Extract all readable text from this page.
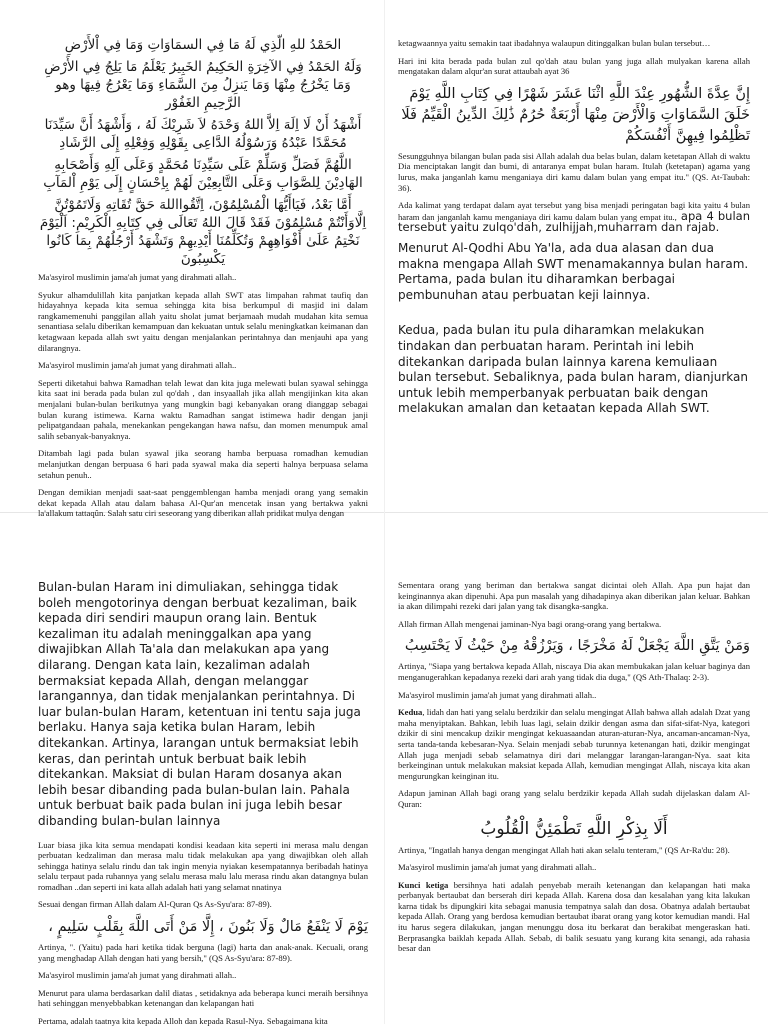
الحَمْدُ للهِ الّذِي لَهُ مَا فِي السمَاوَاتِ وَمَا فِي اْلأَرْضِ

وَلَهُ الحَمْدُ فِي الآخِرَةِ الحَكِيمُ الخَبِيرُ يَعْلَمُ مَا يَلِجُ فِي الأَرْضِ وَمَا يَخْرُجُ مِنْهَا وَمَا يَنزِلُ مِنَ السَّمَاءِ وَمَا يَعْرُجُ فِيهَا وهو الرَّحِيمِ الغَفُوْر

أَشْهَدُ أَنْ لَا اِلَهَ اِلاَّ اللهُ وَحْدَهُ لاَ شَرِيْكَ لَهُ ، وَأَشْهَدُ أَنَّ سَيِّدَنَا مُحَمَّدًا عَبْدُهُ وَرَسُوْلُهُ الدَّاعِى بِقَوْلِهِ وَفِعْلِهِ إِلَى الرَّشَادِ

اللَّهُمَّ فَصَلِّ وَسَلِّمْ عَلَى سَيِّدِنَا مُحَمَّدٍ وَعَلَى آلِهِ وَأَصْحَابِهِ الهَادِيْنَ لِلصَّوَابِ وَعَلَى التَّابِعِيْنَ لَهُمْ بِاِحْسَانٍ إِلَى يَوْمِ اْلمَآبِ

أَمَّا بَعْدُ، فَيَاأَيُّهَا الْمُسْلِمُوْنَ، اِتَّقُوااللهَ حَقَّ تُقَاتِهِ وَلَاتَمُوْتُنَّ اِلَّاوَأَنْتُمْ مُسْلِمُوْنَ فَقَدْ قَالَ اللهُ تَعَالَى فِي كِتَابِهِ الْكَرِيْمِ: اَلْيَوْمَ نَخْتِمُ عَلَىٰ أَفْوَاهِهِمْ وَتُكَلِّمُنَا أَيْدِيهِمْ وَتَشْهَدُ أَرْجُلُهُمْ بِمَا كَانُوا يَكْسِبُونَ

Ma'asyirol muslimin jama'ah jumat yang dirahmati allah..

Syukur alhamdulillah kita panjatkan kepada allah SWT atas limpahan rahmat taufiq dan hidayahnya kepada kita semua sehingga kita bisa berkumpul di masjid ini dalam rangkamemenuhi panggilan allah yaitu sholat jumat berjamaah mudah mudahan kita semua senantiasa selalu diberikan kemampuan dan kekuatan untuk selalu meningkatkan keimanan dan ketagwaan kepada allah swt yaitu dengan menjalankan perintahnya dan menjauhi apa yang dilarangnya.

Ma'asyirol muslimin jama'ah jumat yang dirahmati allah..

Seperti diketahui bahwa Ramadhan telah lewat dan kita juga melewati bulan syawal sehingga kita saat ini berada pada bulan zul qo'dah , dan insyaallah jika allah mengijinkan kita akan menjalani bulan-bulan berikutnya yang mungkin bagi kebanyakan orang dianggap sebagai bulan kurang istimewa. Karna waktu Ramadhan sangat istimewa hadir dengan janji pelipatgandaan pahala, menekankan pengekangan hawa nafsu, dan momen menumpuk amal salih sebanyak-banyaknya.

Ditambah lagi pada bulan syawal jika seorang hamba berpuasa romadhan kemudian melanjutkan dengan berpuasa 6 hari pada syawal maka dia seperti halnya berpuasa selama setahun penuh..

Dengan demikian menjadi saat-saat penggemblengan hamba menjadi orang yang semakin dekat kepada Allah atau dalam bahasa Al-Qur'an mencetak insan yang bertakwa yakni la'allakum tattaqûn. Salah satu ciri seseorang yang diberikan allah pridikat mulya dengan

ketagwaannya yaitu semakin taat ibadahnya walaupun ditinggalkan bulan bulan tersebut…

Hari ini kita berada pada bulan zul qo'dah atau bulan yang juga allah mulyakan karena allah mengatakan dalam alqur'an surat attaubah ayat 36

إِنَّ عِدَّةَ الشُّهُورِ عِنْدَ اللَّهِ اثْنَا عَشَرَ شَهْرًا فِي كِتَابِ اللَّهِ يَوْمَ خَلَقَ السَّمَاوَاتِ وَالْأَرْضَ مِنْهَا أَرْبَعَةٌ حُرُمٌ ذَٰلِكَ الدِّينُ الْقَيِّمُ فَلَا تَظْلِمُوا فِيهِنَّ أَنْفُسَكُمْ

Sesungguhnya bilangan bulan pada sisi Allah adalah dua belas bulan, dalam ketetapan Allah di waktu Dia menciptakan langit dan bumi, di antaranya empat bulan haram. Itulah (ketetapan) agama yang lurus, maka janganlah kamu menganiaya diri kamu dalam bulan yang empat itu." (QS. At-Taubah: 36).

Ada kalimat yang terdapat dalam ayat tersebut yang bisa menjadi peringatan bagi kita yaitu 4 bulan haram dan janganlah kamu menganiaya diri kamu dalam bulan yang empat itu., apa 4 bulan tersebut yaitu zulqo'dah, zulhijjah,muharram dan rajab.

Menurut Al-Qodhi Abu Ya'la, ada dua alasan dan dua makna mengapa Allah SWT menamakannya bulan haram. Pertama, pada bulan itu diharamkan berbagai pembunuhan atau perbuatan keji lainnya.

Kedua, pada bulan itu pula diharamkan melakukan tindakan dan perbuatan haram. Perintah ini lebih ditekankan daripada bulan lainnya karena kemuliaan bulan tersebut. Sebaliknya, pada bulan haram, dianjurkan untuk lebih memperbanyak perbuatan baik dengan melakukan amalan dan ketaatan kepada Allah SWT.

Bulan-bulan Haram ini dimuliakan, sehingga tidak boleh mengotorinya dengan berbuat kezaliman, baik kepada diri sendiri maupun orang lain. Bentuk kezaliman itu adalah meninggalkan apa yang diwajibkan Allah Ta'ala dan melakukan apa yang dilarang. Dengan kata lain, kezaliman adalah bermaksiat kepada Allah, dengan melanggar larangannya, dan tidak menjalankan perintahnya. Di luar bulan-bulan Haram, ketentuan ini tentu saja juga berlaku. Hanya saja ketika bulan Haram, lebih ditekankan. Artinya, larangan untuk bermaksiat lebih keras, dan perintah untuk berbuat baik lebih ditekankan. Maksiat di bulan Haram dosanya akan lebih besar dibanding pada bulan-bulan lain. Pahala untuk berbuat baik pada bulan ini juga lebih besar dibanding bulan-bulan lainnya

Luar biasa jika kita semua mendapati kondisi keadaan kita seperti ini merasa malu dengan perbuatan kedzaliman dan merasa malu tidak melakukan apa yang diwajibkan oleh allah sehingga hatinya selalu rindu dan tak ingin menyia nyiakan kesempatannya beribadah hatinya selalu terpaut pada ruhannya yang selalu merasa malu lalu merasa rindu akan datangnya bulan romadhan ..dan seperti ini kata allah adalah hati yang selamat nnatinya

Sesuai dengan firman Allah dalam Al-Quran Qs As-Syu'ara: 87-89).

يَوْمَ لَا يَنْفَعُ مَالٌ وَلَا بَنُونَ ، إِلَّا مَنْ أَتَى اللَّهَ بِقَلْبٍ سَلِيمٍ ،

Artinya, ". (Yaitu) pada hari ketika tidak berguna (lagi) harta dan anak-anak. Kecuali, orang yang menghadap Allah dengan hati yang bersih," (QS As-Syu'ara: 87-89).

Ma'asyirol muslimin jama'ah jumat yang dirahmati allah..

Menurut para ulama berdasarkan dalil diatas , setidaknya ada beberapa kunci meraih bersihnya hati sehinggan menyebbabkan ketenangan dan kelapangan hati

Pertama, adalah taatnya kita kepada Alloh dan kepada Rasul-Nya. Sebagaimana kita

Sementara orang yang beriman dan bertakwa sangat dicintai oleh Allah. Apa pun hajat dan keinginannya akan dipenuhi. Apa pun masalah yang dihadapinya akan diberikan jalan keluar. Bahkan ia akan dilimpahi rezeki dari jalan yang tak disangka-sangka.

Allah firman Allah mengenai jaminan-Nya bagi orang-orang yang bertakwa.

وَمَنْ يَتَّقِ اللَّهَ يَجْعَلْ لَهُ مَخْرَجًا ، وَيَرْزُقْهُ مِنْ حَيْثُ لَا يَحْتَسِبُ

Artinya, "Siapa yang bertakwa kepada Allah, niscaya Dia akan membukakan jalan keluar baginya dan menganugerahkan kepadanya rezeki dari arah yang tidak dia duga," (QS Ath-Thalaq: 2-3).

Ma'asyirol muslimin jama'ah jumat yang dirahmati allah..

Kedua, lidah dan hati yang selalu berdzikir dan selalu mengingat Allah bahwa allah adalah Dzat yang maha menyiptakan. Bahkan, lebih luas lagi, selain dzikir dengan asma dan sifat-sifat-Nya, kategori dzikir di sini mencakup dzikir mengingat kekuasaandan aturan-aturan-Nya, ancaman-ancaman-Nya, serta tanda-tanda kebesaran-Nya. Selain menjadi sebab turunnya ketenangan hati, dzikir mengingat Allah juga menjadi sebab selamatnya diri dari melanggar larangan-larangan-Nya. saat kita berkeinginan untuk melakukan maksiat kepada Allah, kemudian mengingat Allah, niscaya kita akan mengurungkan keinginan itu.

Adapun jaminan Allah bagi orang yang selalu berdzikir kepada Allah sudah dijelaskan dalam Al-Quran:

أَلَا بِذِكْرِ اللَّهِ تَطْمَئِنُّ الْقُلُوبُ

Artinya, "Ingatlah hanya dengan mengingat Allah hati akan selalu tenteram," (QS Ar-Ra'du: 28).

Ma'asyirol muslimin jama'ah jumat yang dirahmati allah..

Kunci ketiga bersihnya hati adalah penyebab meraih ketenangan dan kelapangan hati maka perbanyak bertaubat dan berserah diri kepada Allah. Karena dosa dan kesalahan yang kita lakukan karna tidak bs dipungkiri kita sebagai manusia tempatnya salah dan dosa. Obatnya adalah bertaubat kepada Allah. Orang yang berdosa kemudian bertaubat ibarat orang yang kotor kemudian mandi. Hal itu harus segera dilakukan, jangan menunggu dosa itu berkarat dan berakibat mengeraskan hati. Berprasangka baiklah kepada Allah. Sebab, di balik sesuatu yang kurang kita senangi, ada rahasia besar dan
